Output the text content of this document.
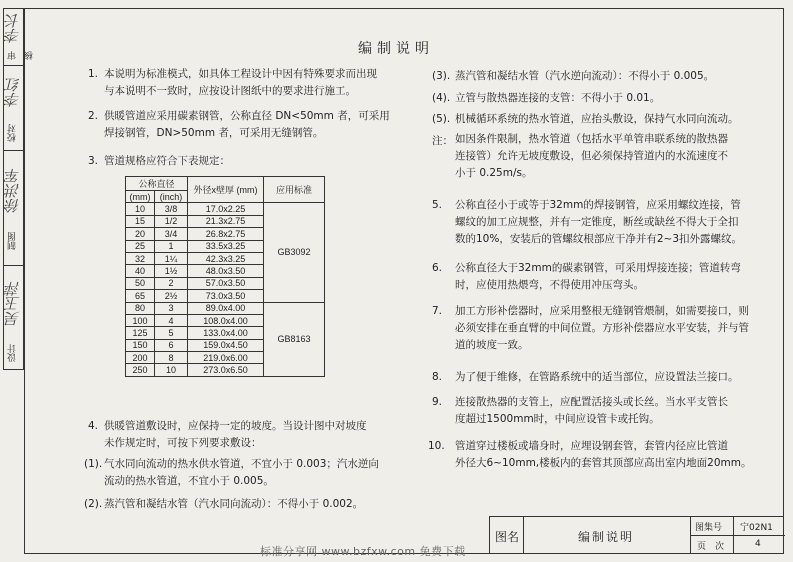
审核
李长
校对
李红
制图
徐洪军
设计
吴玉萍
编制说明
1. 本说明为标准模式，如具体工程设计中因有特殊要求而出现
与本说明不一致时，应按设计图纸中的要求进行施工。
2. 供暖管道应采用碳素钢管，公称直径 DN<50mm 者，可采用
焊接钢管，DN>50mm 者，可采用无缝钢管。
3. 管道规格应符合下表规定：
公称直径		外径x壁厚 (mm)	应用标准
(mm)	(inch)		
10	3/8	17.0x2.25	GB3092
15	1/2	21.3x2.75	
20	3/4	26.8x2.75	
25	1	33.5x3.25	
32	1¼	42.3x3.25	
40	1½	48.0x3.50	
50	2	57.0x3.50	
65	2½	73.0x3.50	
80	3	89.0x4.00	GB8163
100	4	108.0x4.00	
125	5	133.0x4.00	
150	6	159.0x4.50	
200	8	219.0x6.00	
250	10	273.0x6.50	
4. 供暖管道敷设时，应保持一定的坡度。当设计图中对坡度
未作规定时，可按下列要求敷设：
(1). 气水同向流动的热水供水管道，不宜小于 0.003；汽水逆向
流动的热水管道，不宜小于 0.005。
(2). 蒸汽管和凝结水管（汽水同向流动）：不得小于 0.002。
(3). 蒸汽管和凝结水管（汽水逆向流动）：不得小于 0.005。
(4). 立管与散热器连接的支管：不得小于 0.01。
(5). 机械循环系统的热水管道，应抬头敷设，保持气水同向流动。
注： 如因条件限制，热水管道（包括水平单管串联系统的散热器
连接管）允许无坡度敷设，但必须保持管道内的水流速度不
小于 0.25m/s。
5. 公称直径小于或等于32mm的焊接钢管，应采用螺纹连接，管
螺纹的加工应规整，并有一定锥度，断丝或缺丝不得大于全扣
数的10%，安装后的管螺纹根部应干净并有2~3扣外露螺纹。
6. 公称直径大于32mm的碳素钢管，可采用焊接连接；管道转弯
时，应使用热煨弯，不得使用冲压弯头。
7. 加工方形补偿器时，应采用整根无缝钢管煨制，如需要接口，则
必须安排在垂直臂的中间位置。方形补偿器应水平安装，并与管
道的坡度一致。
8. 为了便于维修，在管路系统中的适当部位，应设置法兰接口。
9. 连接散热器的支管上，应配置活接头或长丝。当水平支管长
度超过1500mm时，中间应设管卡或托钩。
10. 管道穿过楼板或墙身时，应埋设钢套管，套管内径应比管道
外径大6~10mm,楼板内的套管其顶部应高出室内地面20mm。
图名	编制说明
图集号 宁02N1
页　次	4
标准分享网 www.bzfxw.com 免费下载
